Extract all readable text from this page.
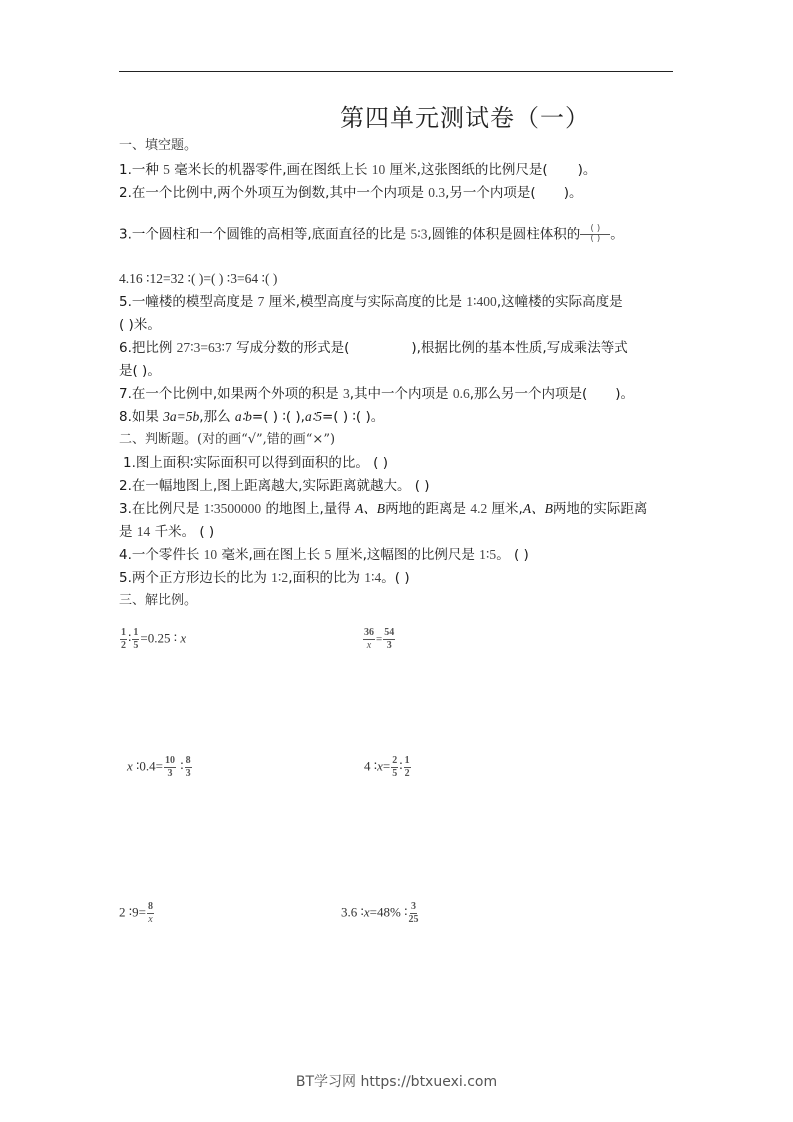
第四单元测试卷（一）
一、填空题。
1.一种 5 毫米长的机器零件,画在图纸上长 10 厘米,这张图纸的比例尺是( )。
2.在一个比例中,两个外项互为倒数,其中一个内项是 0.3,另一个内项是( )。
3.一个圆柱和一个圆锥的高相等,底面直径的比是 5∶3,圆锥的体积是圆柱体积的	( )
( ) 。
4.16 ∶12=32 ∶( )=( ) ∶3=64 ∶( )
5.一幢楼的模型高度是 7 厘米,模型高度与实际高度的比是 1∶400,这幢楼的实际高度是
( )米。
6.把比例 27∶3=63∶7 写成分数的形式是(	),根据比例的基本性质,写成乘法等式
是( )。
7.在一个比例中,如果两个外项的积是 3,其中一个内项是 0.6,那么另一个内项是( )。
8.如果 3a=5b,那么 a∶b=( ) ∶( ),a∶5=( ) ∶( )。
二、判断题。(对的画“√”,错的画“×”)
1.图上面积∶实际面积可以得到面积的比。 ( )
2.在一幅地图上,图上距离越大,实际距离就越大。 ( )
3.在比例尺是 1∶3500000 的地图上,量得 A、B两地的距离是 4.2 厘米,A、B两地的实际距离
是 14 千米。 ( )
4.一个零件长 10 毫米,画在图上长 5 厘米,这幅图的比例尺是 1∶5。 ( )
5.两个正方形边长的比为 1∶2,面积的比为 1∶4。( )
三、解比例。
$\frac{1}{2}$ ∶ $\frac{1}{5} =0.25$ ∶ x	$\frac{36}{x} = \frac{54}{3}$
x ∶0.4= $\frac{10}{3}$ ∶ $\frac{8}{3}$	4 ∶x= $\frac{2}{5}$ ∶ $\frac{1}{2}$
2 ∶9= $\frac{8}{x}$	3.6 ∶x=48% ∶ $\frac{3}{25}$
BT学习网 https://btxuexi.com
